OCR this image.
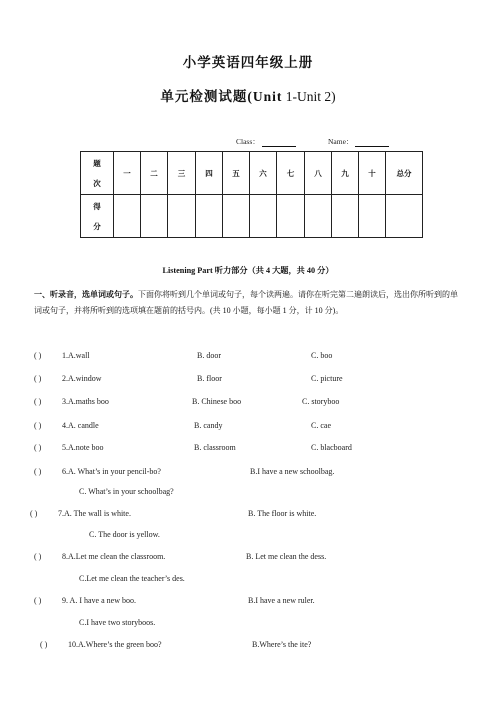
小学英语四年级上册
单元检测试题(Unit 1-Unit 2)
Class：	Name：
题

次	一	二	三	四	五	六	七	八	九	十	总分
得

分											
Listening Part 听力部分（共 4 大题，共 40 分）
一、听录音，选单词或句子。下面你将听到几个单词或句子，每个读两遍。请你在听完第二遍朗读后，选出你所听到的单词或句子，并将所听到的选项填在题前的括号内。(共 10 小题，每小题 1 分，计 10 分)。
( )	1.A.wall	B. door	C. boo
( )	2.A.window	B. floor	C. picture
( )	3.A.maths boo	B. Chinese boo	C. storyboo
( )	4.A. candle	B. candy	C. cae
( )	5.A.note boo	B. classroom	C. blacboard
( )	6.A. What’s in your pencil-bo?	B.I have a new schoolbag.
C. What’s in your schoolbag?
( )	7.A. The wall is white.	B. The floor is white.
C. The door is yellow.
( )	8.A.Let me clean the classroom.	B. Let me clean the dess.
C.Let me clean the teacher’s des.
( )	9. A. I have a new boo.	B.I have a new ruler.
C.I have two storyboos.
( )	10.A.Where’s the green boo?	B.Where’s the ite?
